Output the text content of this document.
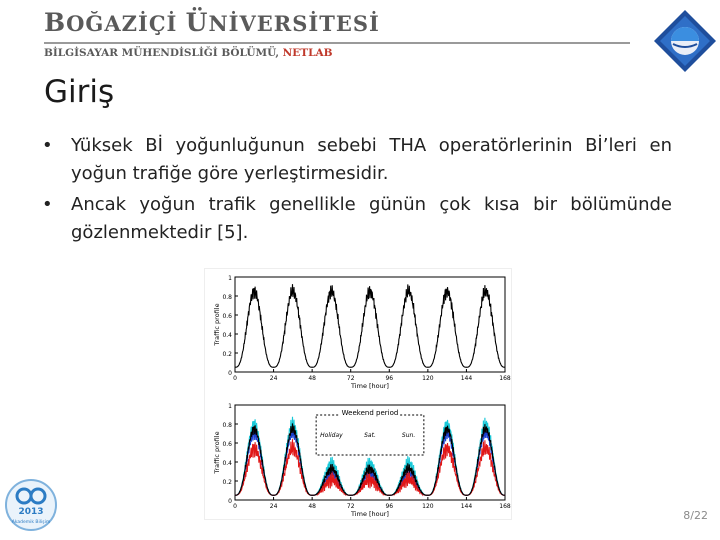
BOĞAZİÇİ ÜNİVERSİTESİ
BİLGİSAYAR MÜHENDİSLİĞİ BÖLÜMÜ, NETLAB
Giriş
• Yüksek Bİ yoğunluğunun sebebi THA operatörlerinin Bİ’leri en yoğun trafiğe göre yerleştirmesidir.
• Ancak yoğun trafik genellikle günün çok kısa bir bölümünde gözlenmektedir [5].
0
0.2
0.4
0.6
0.8
1
0	24	48	72	96	120	144	168
Time [hour]
Traffic profile
0
0.2
0.4
0.6
0.8
1
0	24	48	72	96	120	144	168
Time [hour]
Traffic profile
Weekend period
Holiday	Sat.	Sun.
2013
Akademik Bilişim
8/22
